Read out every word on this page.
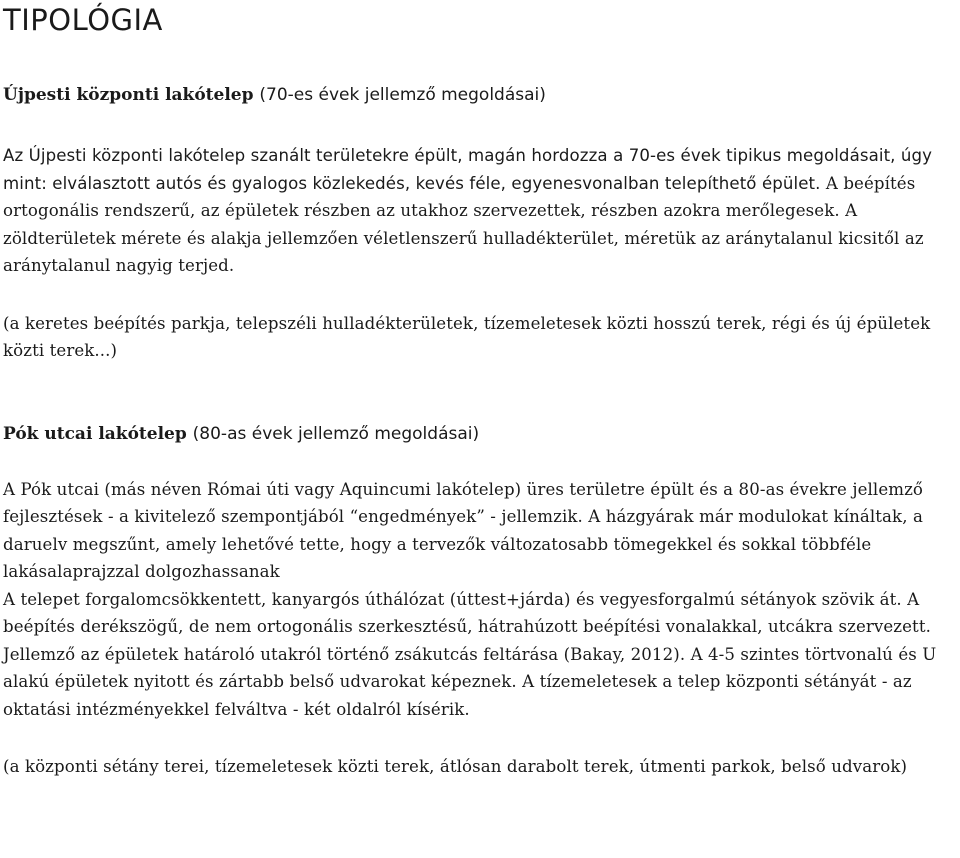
TIPOLÓGIA
Újpesti központi lakótelep (70-es évek jellemző megoldásai)

Az Újpesti központi lakótelep szanált területekre épült, magán hordozza a 70-es évek tipikus megoldásait, úgy mint: elválasztott autós és gyalogos közlekedés, kevés féle, egyenesvonalban telepíthető épület. A beépítés ortogonális rendszerű, az épületek részben az utakhoz szervezettek, részben azokra merőlegesek. A zöldterületek mérete és alakja jellemzően véletlenszerű hulladékterület, méretük az aránytalanul kicsitől az aránytalanul nagyig terjed.

(a keretes beépítés parkja, telepszéli hulladékterületek, tízemeletesek közti hosszú terek, régi és új épületek közti terek...)

Pók utcai lakótelep (80-as évek jellemző megoldásai)

A Pók utcai (más néven Római úti vagy Aquincumi lakótelep) üres területre épült és a 80-as évekre jellemző fejlesztések - a kivitelező szempontjából “engedmények” - jellemzik. A házgyárak már modulokat kínáltak, a daruelv megszűnt, amely lehetővé tette, hogy a tervezők változatosabb tömegekkel és sokkal többféle lakásalaprajzzal dolgozhassanak

A telepet forgalomcsökkentett, kanyargós úthálózat (úttest+járda) és vegyesforgalmú sétányok szövik át. A beépítés derékszögű, de nem ortogonális szerkesztésű, hátrahúzott beépítési vonalakkal, utcákra szervezett. Jellemző az épületek határoló utakról történő zsákutcás feltárása (Bakay, 2012). A 4-5 szintes törtvonalú és U alakú épületek nyitott és zártabb belső udvarokat képeznek. A tízemeletesek a telep központi sétányát - az oktatási intézményekkel felváltva - két oldalról kísérik.

(a központi sétány terei, tízemeletesek közti terek, átlósan darabolt terek, útmenti parkok, belső udvarok)
